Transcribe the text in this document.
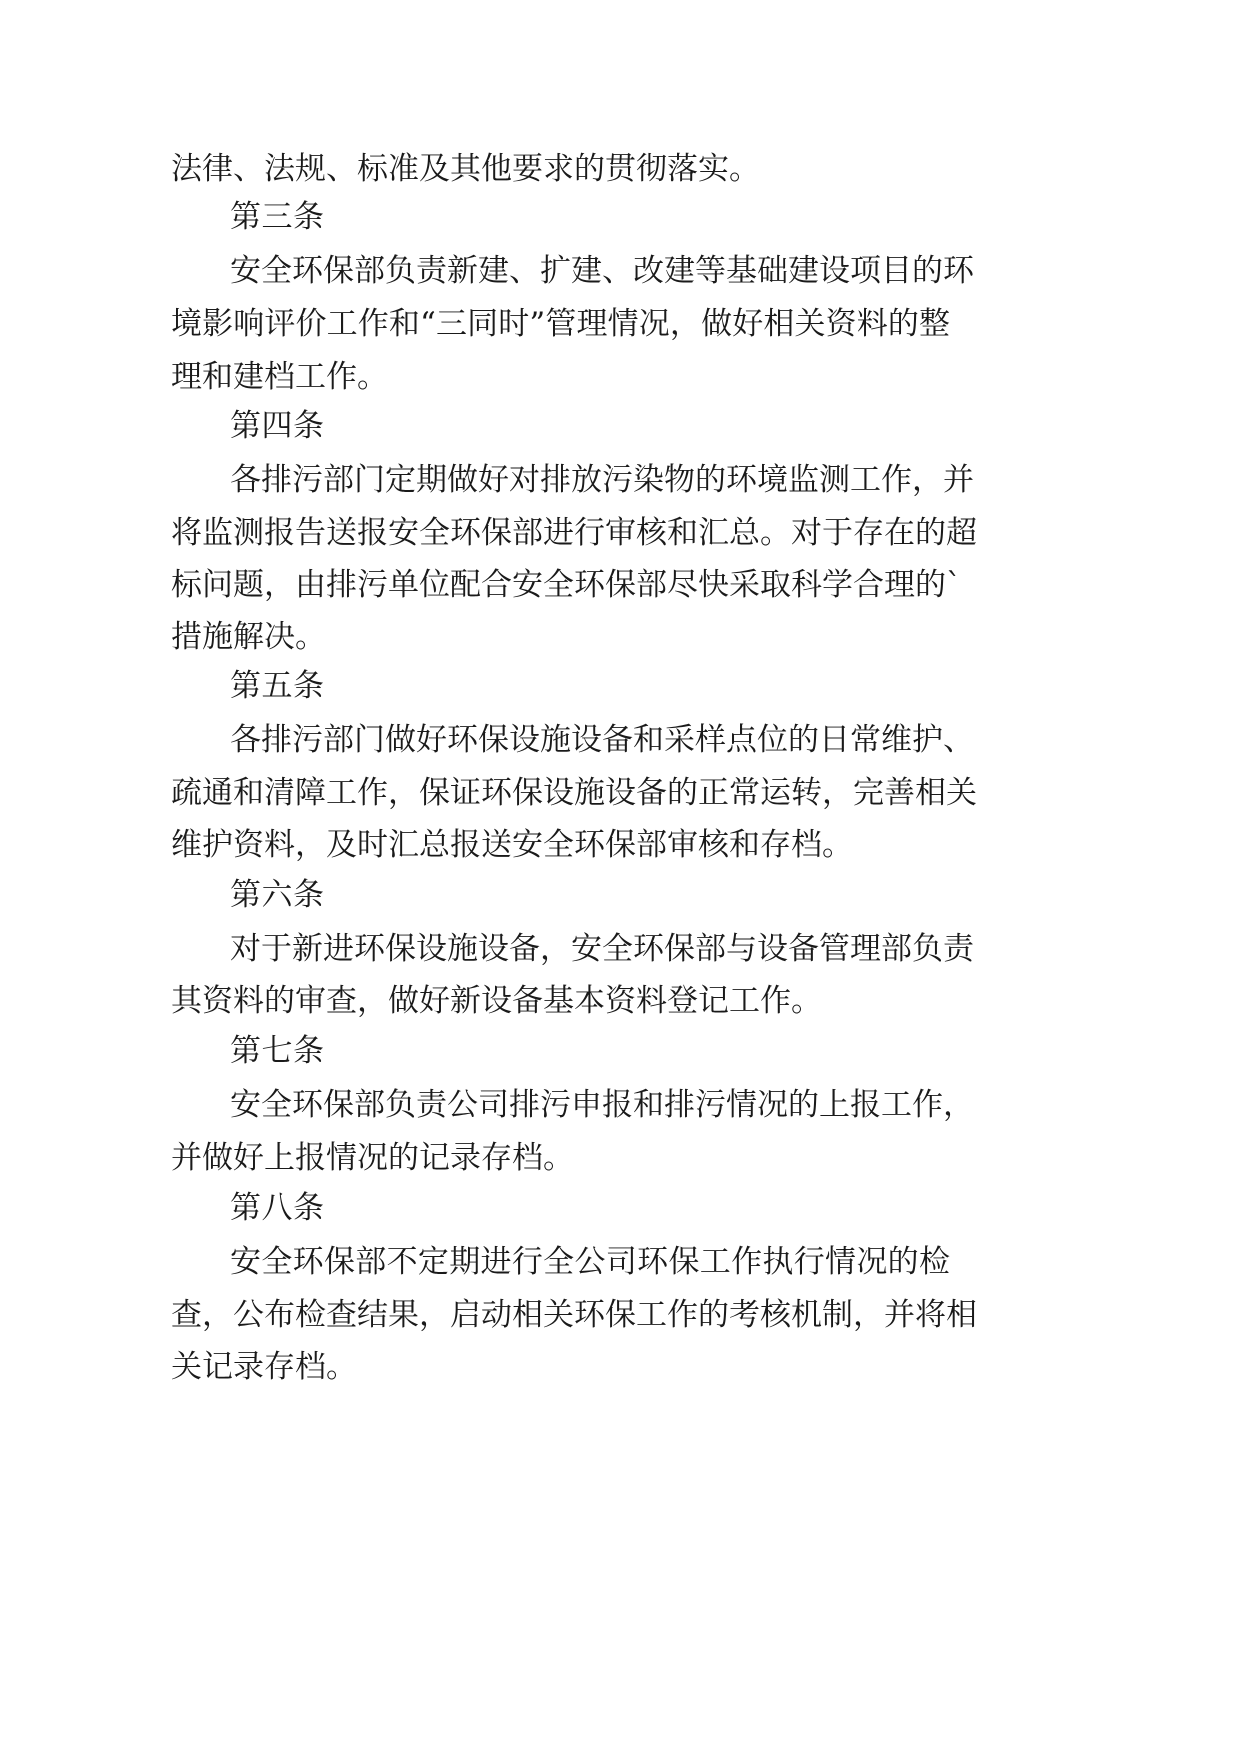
法律、法规、标准及其他要求的贯彻落实。

第三条

安全环保部负责新建、扩建、改建等基础建设项目的环

境影响评价工作和“三同时”管理情况，做好相关资料的整

理和建档工作。

第四条

各排污部门定期做好对排放污染物的环境监测工作，并

将监测报告送报安全环保部进行审核和汇总。对于存在的超

标问题，由排污单位配合安全环保部尽快采取科学合理的`

措施解决。

第五条

各排污部门做好环保设施设备和采样点位的日常维护、

疏通和清障工作，保证环保设施设备的正常运转，完善相关

维护资料，及时汇总报送安全环保部审核和存档。

第六条

对于新进环保设施设备，安全环保部与设备管理部负责

其资料的审查，做好新设备基本资料登记工作。

第七条

安全环保部负责公司排污申报和排污情况的上报工作，

并做好上报情况的记录存档。

第八条

安全环保部不定期进行全公司环保工作执行情况的检

查，公布检查结果，启动相关环保工作的考核机制，并将相

关记录存档。
